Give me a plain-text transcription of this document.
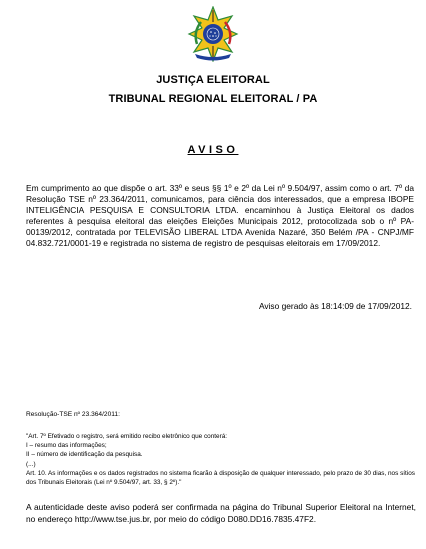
JUSTIÇA ELEITORAL
TRIBUNAL REGIONAL ELEITORAL / PA
AVISO

Em cumprimento ao que dispõe o art. 33º e seus §§ 1º e 2º da Lei nº 9.504/97, assim como o art. 7º da Resolução TSE nº 23.364/2011, comunicamos, para ciência dos interessados, que a empresa IBOPE INTELIGÊNCIA PESQUISA E CONSULTORIA LTDA. encaminhou à Justiça Eleitoral os dados referentes à pesquisa eleitoral das eleições Eleições Municipais 2012, protocolizada sob o nº PA-00139/2012, contratada por TELEVISÃO LIBERAL LTDA Avenida Nazaré, 350 Belém /PA - CNPJ/MF 04.832.721/0001-19 e registrada no sistema de registro de pesquisas eleitorais em 17/09/2012.

Aviso gerado às 18:14:09 de 17/09/2012.

Resolução-TSE nº 23.364/2011:

"Art. 7º Efetivado o registro, será emitido recibo eletrônico que conterá:
I – resumo das informações;
II – número de identificação da pesquisa.
(...)
Art. 10. As informações e os dados registrados no sistema ficarão à disposição de qualquer interessado, pelo prazo de 30 dias, nos sítios dos Tribunais Eleitorais (Lei nº 9.504/97, art. 33, § 2º)."

A autenticidade deste aviso poderá ser confirmada na página do Tribunal Superior Eleitoral na Internet, no endereço http://www.tse.jus.br, por meio do código D080.DD16.7835.47F2.
